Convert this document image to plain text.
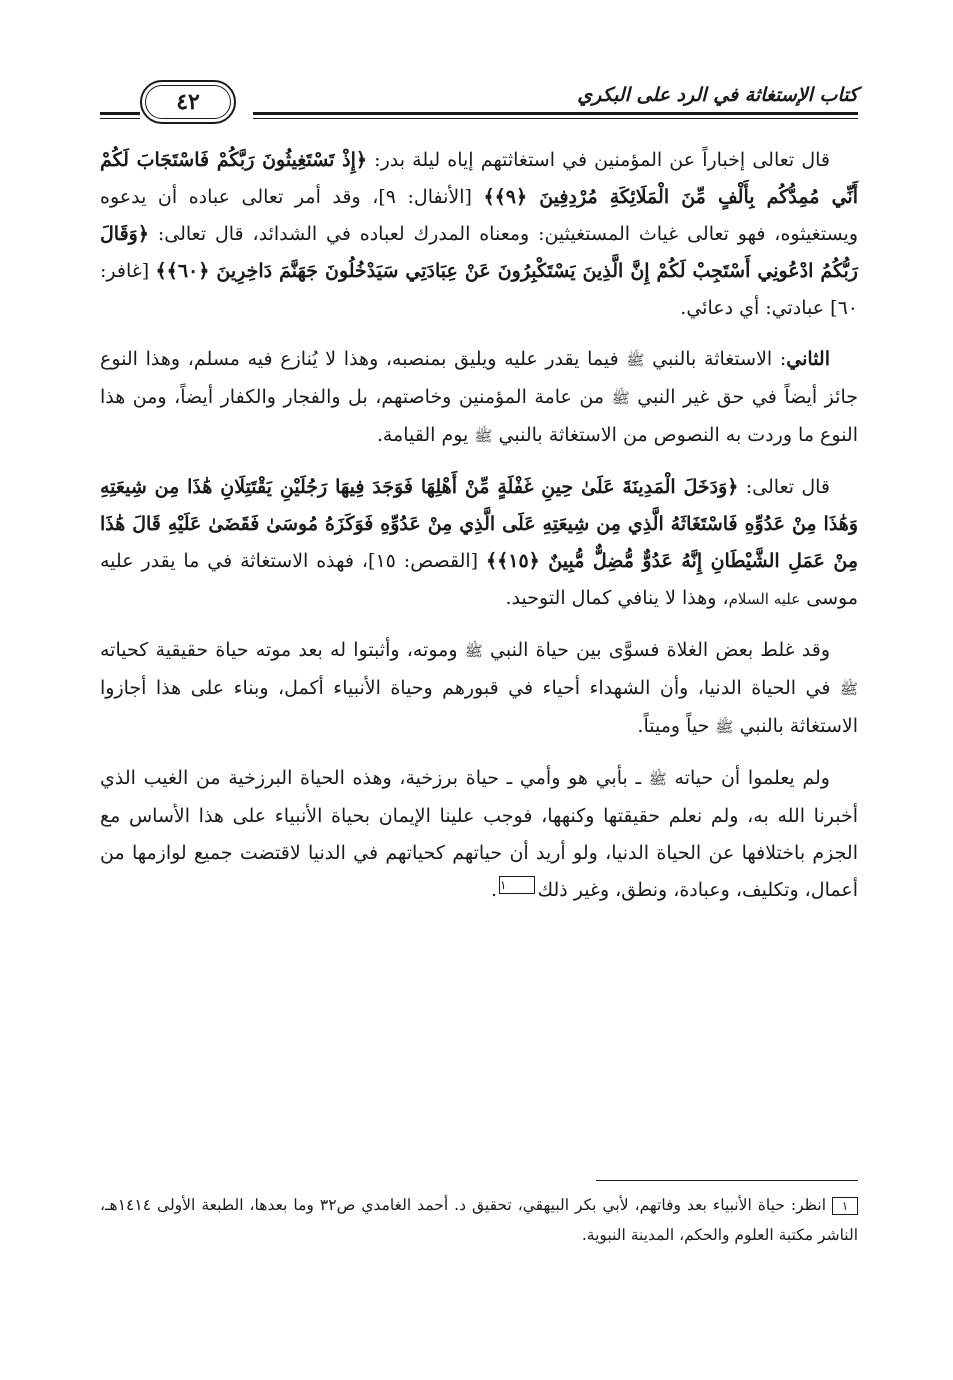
كتاب الإستغاثة في الرد على البكري
٤٢

قال تعالى إخباراً عن المؤمنين في استغاثتهم إياه ليلة بدر: ﴿إِذْ تَسْتَغِيثُونَ رَبَّكُمْ فَاسْتَجَابَ لَكُمْ أَنِّي مُمِدُّكُم بِأَلْفٍ مِّنَ الْمَلَائِكَةِ مُرْدِفِينَ ﴿٩﴾﴾ [الأنفال: ٩]، وقد أمر تعالى عباده أن يدعوه ويستغيثوه، فهو تعالى غياث المستغيثين: ومعناه المدرك لعباده في الشدائد، قال تعالى: ﴿وَقَالَ رَبُّكُمُ ادْعُونِي أَسْتَجِبْ لَكُمْ إِنَّ الَّذِينَ يَسْتَكْبِرُونَ عَنْ عِبَادَتِي سَيَدْخُلُونَ جَهَنَّمَ دَاخِرِينَ ﴿٦٠﴾﴾ [غافر: ٦٠] عبادتي: أي دعائي.

الثاني: الاستغاثة بالنبي ﷺ فيما يقدر عليه ويليق بمنصبه، وهذا لا يُنازع فيه مسلم، وهذا النوع جائز أيضاً في حق غير النبي ﷺ من عامة المؤمنين وخاصتهم، بل والفجار والكفار أيضاً، ومن هذا النوع ما وردت به النصوص من الاستغاثة بالنبي ﷺ يوم القيامة.

قال تعالى: ﴿وَدَخَلَ الْمَدِينَةَ عَلَىٰ حِينِ غَفْلَةٍ مِّنْ أَهْلِهَا فَوَجَدَ فِيهَا رَجُلَيْنِ يَقْتَتِلَانِ هَٰذَا مِن شِيعَتِهِ وَهَٰذَا مِنْ عَدُوِّهِ فَاسْتَغَاثَهُ الَّذِي مِن شِيعَتِهِ عَلَى الَّذِي مِنْ عَدُوِّهِ فَوَكَزَهُ مُوسَىٰ فَقَضَىٰ عَلَيْهِ قَالَ هَٰذَا مِنْ عَمَلِ الشَّيْطَانِ إِنَّهُ عَدُوٌّ مُّضِلٌّ مُّبِينٌ ﴿١٥﴾﴾ [القصص: ١٥]، فهذه الاستغاثة في ما يقدر عليه موسى عليه السلام، وهذا لا ينافي كمال التوحيد.

وقد غلط بعض الغلاة فسوَّى بين حياة النبي ﷺ وموته، وأثبتوا له بعد موته حياة حقيقية كحياته ﷺ في الحياة الدنيا، وأن الشهداء أحياء في قبورهم وحياة الأنبياء أكمل، وبناء على هذا أجازوا الاستغاثة بالنبي ﷺ حياً وميتاً.

ولم يعلموا أن حياته ﷺ ـ بأبي هو وأمي ـ حياة برزخية، وهذه الحياة البرزخية من الغيب الذي أخبرنا الله به، ولم نعلم حقيقتها وكنهها، فوجب علينا الإيمان بحياة الأنبياء على هذا الأساس مع الجزم باختلافها عن الحياة الدنيا، ولو أريد أن حياتهم كحياتهم في الدنيا لاقتضت جميع لوازمها من أعمال، وتكليف، وعبادة، ونطق، وغير ذلك١.

١انظر: حياة الأنبياء بعد وفاتهم، لأبي بكر البيهقي، تحقيق د. أحمد الغامدي ص٣٢ وما بعدها، الطبعة الأولى ١٤١٤هـ، الناشر مكتبة العلوم والحكم، المدينة النبوية.
